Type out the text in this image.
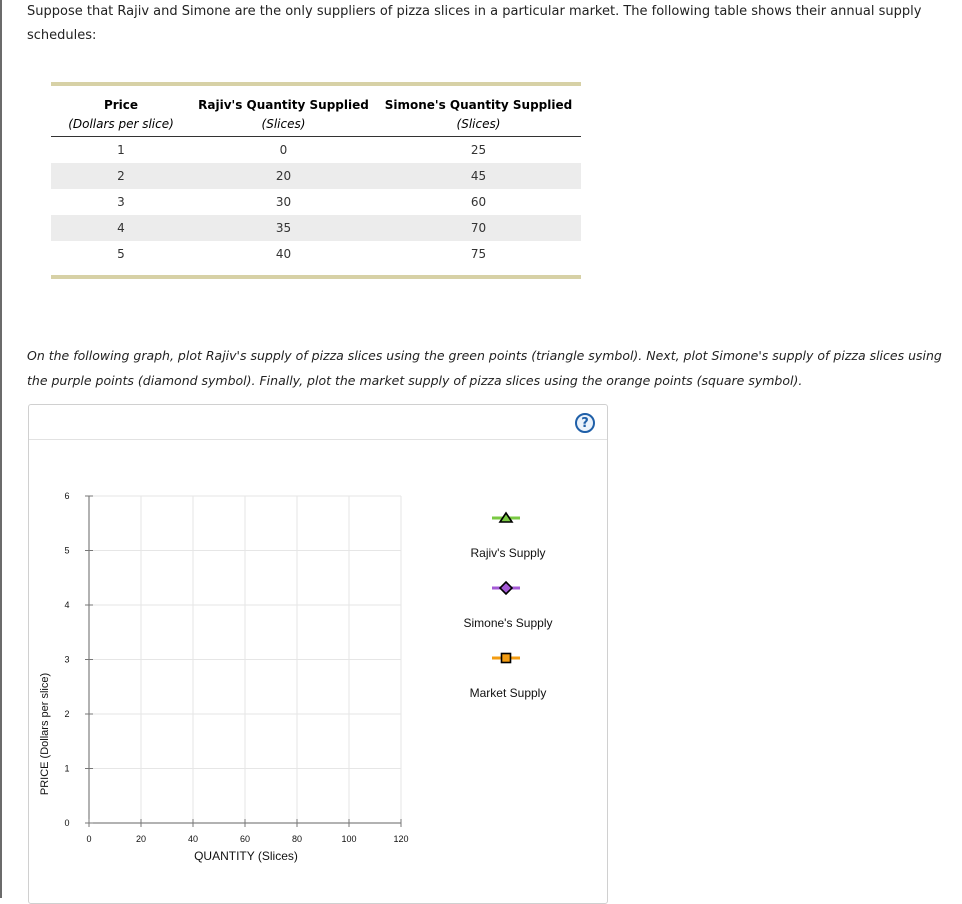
Suppose that Rajiv and Simone are the only suppliers of pizza slices in a particular market. The following table shows their annual supply schedules:

Price	Rajiv's Quantity Supplied	Simone's Quantity Supplied
(Dollars per slice)	(Slices)	(Slices)
1	0	25
2	20	45
3	30	60
4	35	70
5	40	75

On the following graph, plot Rajiv's supply of pizza slices using the green points (triangle symbol). Next, plot Simone's supply of pizza slices using the purple points (diamond symbol). Finally, plot the market supply of pizza slices using the orange points (square symbol).
?
0	20	40	60	80	100	120
0
1
2
3
4
5
6
PRICE (Dollars per slice)
QUANTITY (Slices)
Rajiv's Supply
Simone's Supply
Market Supply
